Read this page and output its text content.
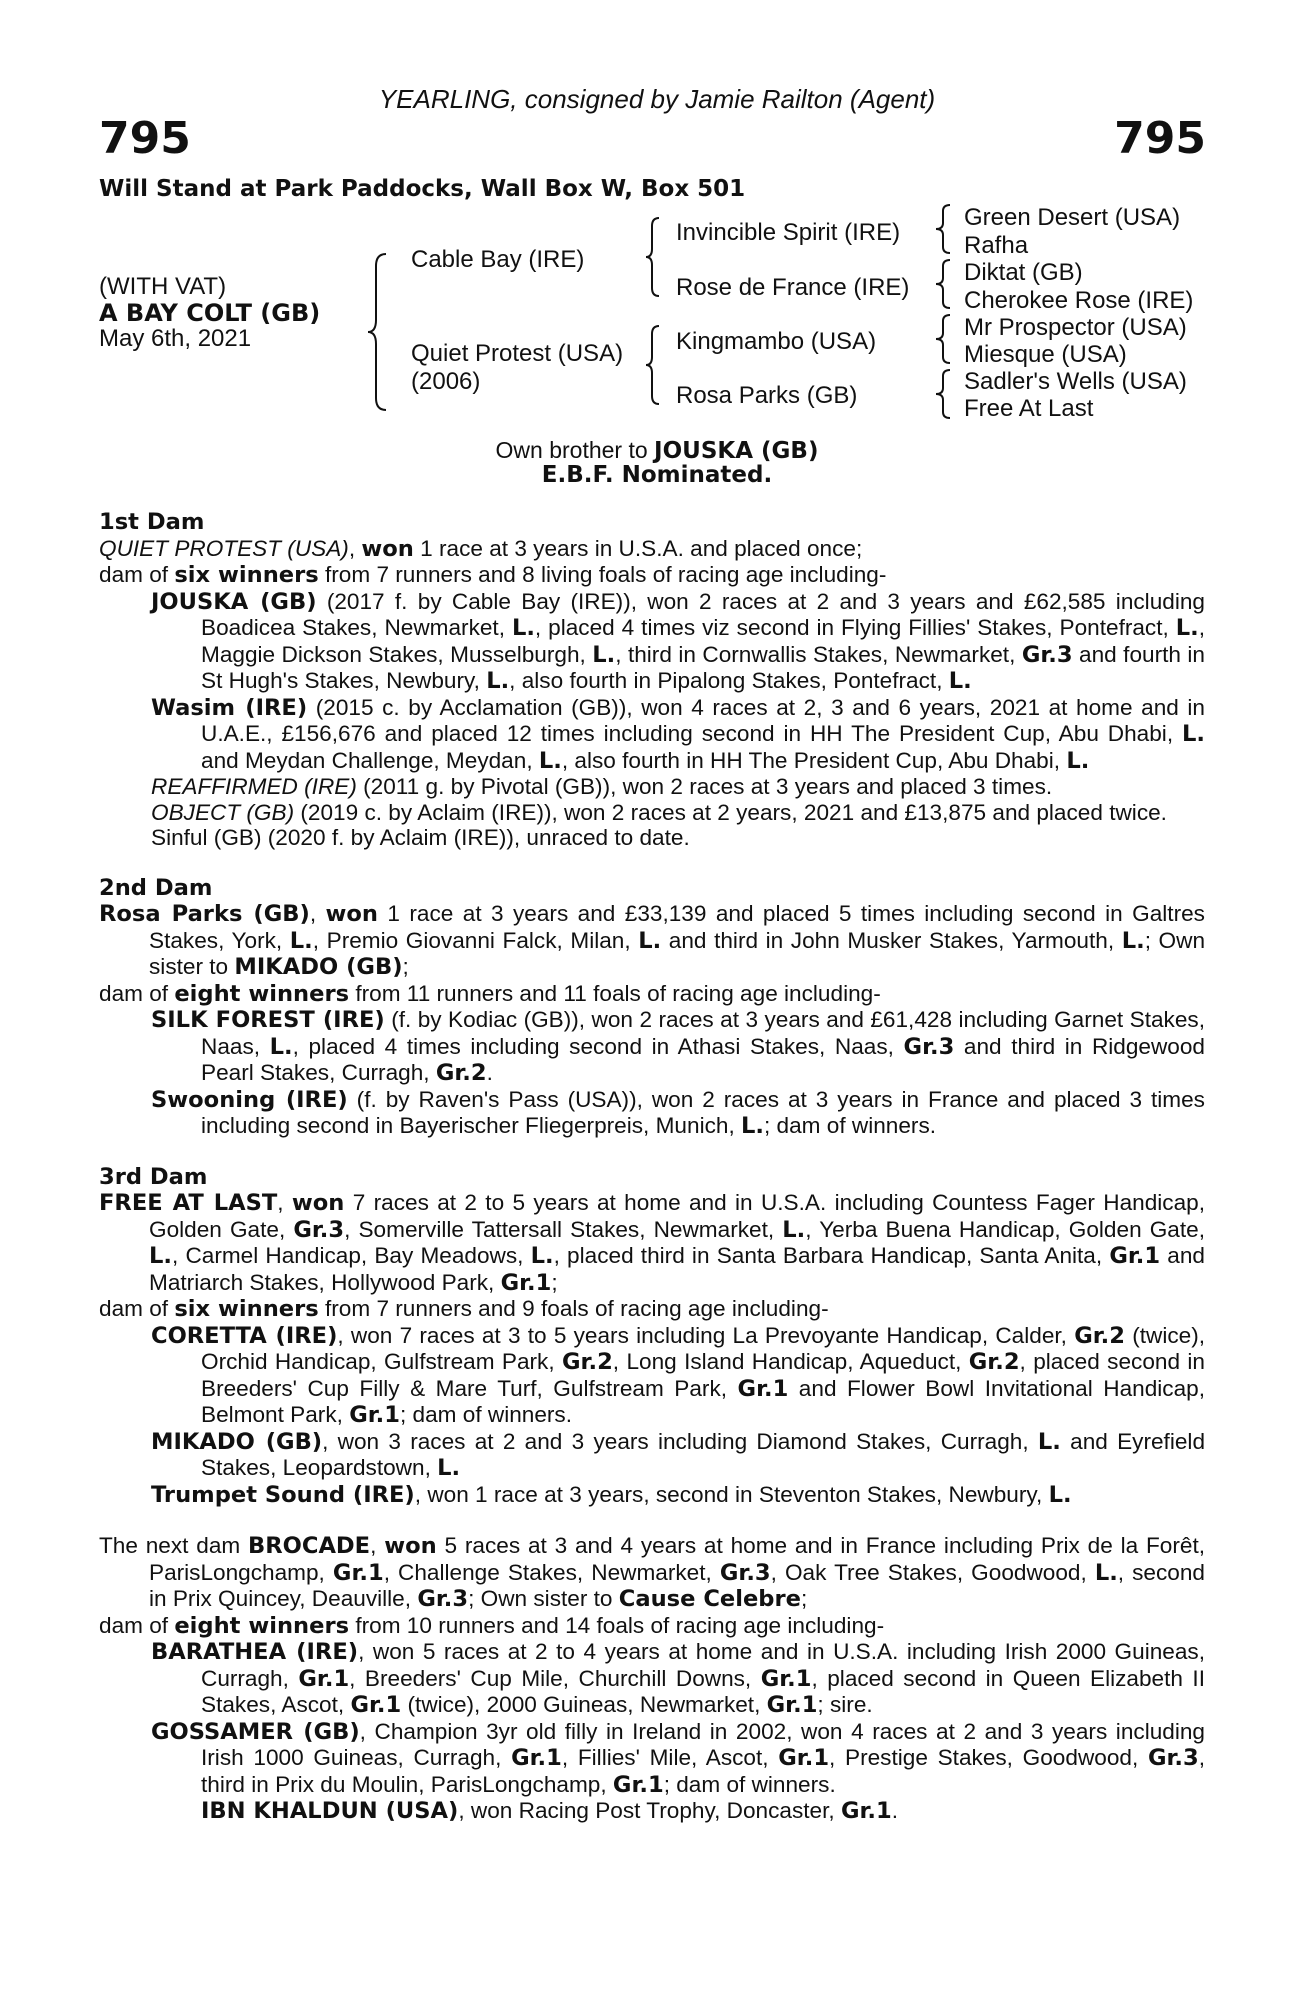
YEARLING, consigned by Jamie Railton (Agent)
795	795
Will Stand at Park Paddocks, Wall Box W, Box 501
(WITH VAT)
A BAY COLT (GB)
May 6th, 2021
Cable Bay (IRE)
Quiet Protest (USA)
(2006)
Invincible Spirit (IRE)
Rose de France (IRE)
Kingmambo (USA)
Rosa Parks (GB)
Green Desert (USA)
Rafha
Diktat (GB)
Cherokee Rose (IRE)
Mr Prospector (USA)
Miesque (USA)
Sadler's Wells (USA)
Free At Last
Own brother to JOUSKA (GB)
E.B.F. Nominated.
1st Dam
QUIET PROTEST (USA), won 1 race at 3 years in U.S.A. and placed once;
dam of six winners from 7 runners and 8 living foals of racing age including-
JOUSKA (GB) (2017 f. by Cable Bay (IRE)), won 2 races at 2 and 3 years and £62,585 including Boadicea Stakes, Newmarket, L., placed 4 times viz second in Flying Fillies' Stakes, Pontefract, L., Maggie Dickson Stakes, Musselburgh, L., third in Cornwallis Stakes, Newmarket, Gr.3 and fourth in St Hugh's Stakes, Newbury, L., also fourth in Pipalong Stakes, Pontefract, L.
Wasim (IRE) (2015 c. by Acclamation (GB)), won 4 races at 2, 3 and 6 years, 2021 at home and in U.A.E., £156,676 and placed 12 times including second in HH The President Cup, Abu Dhabi, L. and Meydan Challenge, Meydan, L., also fourth in HH The President Cup, Abu Dhabi, L.
REAFFIRMED (IRE) (2011 g. by Pivotal (GB)), won 2 races at 3 years and placed 3 times.
OBJECT (GB) (2019 c. by Aclaim (IRE)), won 2 races at 2 years, 2021 and £13,875 and placed twice.
Sinful (GB) (2020 f. by Aclaim (IRE)), unraced to date.
2nd Dam
Rosa Parks (GB), won 1 race at 3 years and £33,139 and placed 5 times including second in Galtres Stakes, York, L., Premio Giovanni Falck, Milan, L. and third in John Musker Stakes, Yarmouth, L.; Own sister to MIKADO (GB);
dam of eight winners from 11 runners and 11 foals of racing age including-
SILK FOREST (IRE) (f. by Kodiac (GB)), won 2 races at 3 years and £61,428 including Garnet Stakes, Naas, L., placed 4 times including second in Athasi Stakes, Naas, Gr.3 and third in Ridgewood Pearl Stakes, Curragh, Gr.2.
Swooning (IRE) (f. by Raven's Pass (USA)), won 2 races at 3 years in France and placed 3 times including second in Bayerischer Fliegerpreis, Munich, L.; dam of winners.
3rd Dam
FREE AT LAST, won 7 races at 2 to 5 years at home and in U.S.A. including Countess Fager Handicap, Golden Gate, Gr.3, Somerville Tattersall Stakes, Newmarket, L., Yerba Buena Handicap, Golden Gate, L., Carmel Handicap, Bay Meadows, L., placed third in Santa Barbara Handicap, Santa Anita, Gr.1 and Matriarch Stakes, Hollywood Park, Gr.1;
dam of six winners from 7 runners and 9 foals of racing age including-
CORETTA (IRE), won 7 races at 3 to 5 years including La Prevoyante Handicap, Calder, Gr.2 (twice), Orchid Handicap, Gulfstream Park, Gr.2, Long Island Handicap, Aqueduct, Gr.2, placed second in Breeders' Cup Filly & Mare Turf, Gulfstream Park, Gr.1 and Flower Bowl Invitational Handicap, Belmont Park, Gr.1; dam of winners.
MIKADO (GB), won 3 races at 2 and 3 years including Diamond Stakes, Curragh, L. and Eyrefield Stakes, Leopardstown, L.
Trumpet Sound (IRE), won 1 race at 3 years, second in Steventon Stakes, Newbury, L.
The next dam BROCADE, won 5 races at 3 and 4 years at home and in France including Prix de la Forêt, ParisLongchamp, Gr.1, Challenge Stakes, Newmarket, Gr.3, Oak Tree Stakes, Goodwood, L., second in Prix Quincey, Deauville, Gr.3; Own sister to Cause Celebre;
dam of eight winners from 10 runners and 14 foals of racing age including-
BARATHEA (IRE), won 5 races at 2 to 4 years at home and in U.S.A. including Irish 2000 Guineas, Curragh, Gr.1, Breeders' Cup Mile, Churchill Downs, Gr.1, placed second in Queen Elizabeth II Stakes, Ascot, Gr.1 (twice), 2000 Guineas, Newmarket, Gr.1; sire.
GOSSAMER (GB), Champion 3yr old filly in Ireland in 2002, won 4 races at 2 and 3 years including Irish 1000 Guineas, Curragh, Gr.1, Fillies' Mile, Ascot, Gr.1, Prestige Stakes, Goodwood, Gr.3, third in Prix du Moulin, ParisLongchamp, Gr.1; dam of winners.
IBN KHALDUN (USA), won Racing Post Trophy, Doncaster, Gr.1.
